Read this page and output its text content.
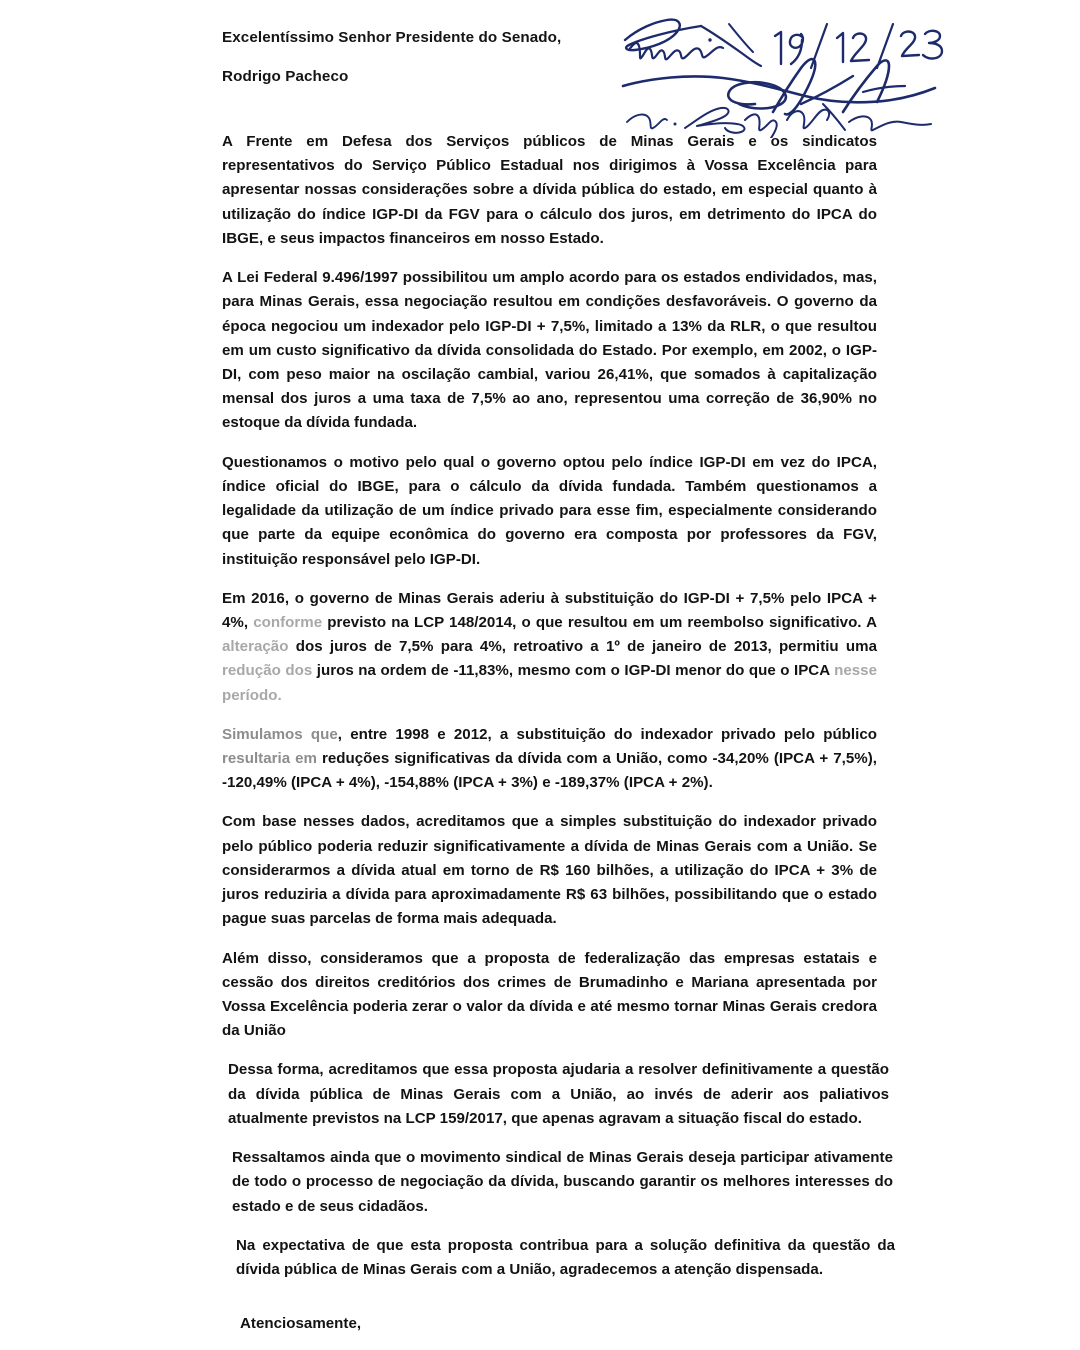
Excelentíssimo Senhor Presidente do Senado,

Rodrigo Pacheco

A Frente em Defesa dos Serviços públicos de Minas Gerais e os sindicatos representativos do Serviço Público Estadual nos dirigimos à Vossa Excelência para apresentar nossas considerações sobre a dívida pública do estado, em especial quanto à utilização do índice IGP-DI da FGV para o cálculo dos juros, em detrimento do IPCA do IBGE, e seus impactos financeiros em nosso Estado.

A Lei Federal 9.496/1997 possibilitou um amplo acordo para os estados endividados, mas, para Minas Gerais, essa negociação resultou em condições desfavoráveis. O governo da época negociou um indexador pelo IGP-DI + 7,5%, limitado a 13% da RLR, o que resultou em um custo significativo da dívida consolidada do Estado. Por exemplo, em 2002, o IGP-DI, com peso maior na oscilação cambial, variou 26,41%, que somados à capitalização mensal dos juros a uma taxa de 7,5% ao ano, representou uma correção de 36,90% no estoque da dívida fundada.

Questionamos o motivo pelo qual o governo optou pelo índice IGP-DI em vez do IPCA, índice oficial do IBGE, para o cálculo da dívida fundada. Também questionamos a legalidade da utilização de um índice privado para esse fim, especialmente considerando que parte da equipe econômica do governo era composta por professores da FGV, instituição responsável pelo IGP-DI.

Em 2016, o governo de Minas Gerais aderiu à substituição do IGP-DI + 7,5% pelo IPCA + 4%, conforme previsto na LCP 148/2014, o que resultou em um reembolso significativo. A alteração dos juros de 7,5% para 4%, retroativo a 1º de janeiro de 2013, permitiu uma redução dos juros na ordem de -11,83%, mesmo com o IGP-DI menor do que o IPCA nesse período.

Simulamos que, entre 1998 e 2012, a substituição do indexador privado pelo público resultaria em reduções significativas da dívida com a União, como -34,20% (IPCA + 7,5%), -120,49% (IPCA + 4%), -154,88% (IPCA + 3%) e -189,37% (IPCA + 2%).

Com base nesses dados, acreditamos que a simples substituição do indexador privado pelo público poderia reduzir significativamente a dívida de Minas Gerais com a União. Se considerarmos a dívida atual em torno de R$ 160 bilhões, a utilização do IPCA + 3% de juros reduziria a dívida para aproximadamente R$ 63 bilhões, possibilitando que o estado pague suas parcelas de forma mais adequada.

Além disso, consideramos que a proposta de federalização das empresas estatais e cessão dos direitos creditórios dos crimes de Brumadinho e Mariana apresentada por Vossa Excelência poderia zerar o valor da dívida e até mesmo tornar Minas Gerais credora da União

Dessa forma, acreditamos que essa proposta ajudaria a resolver definitivamente a questão da dívida pública de Minas Gerais com a União, ao invés de aderir aos paliativos atualmente previstos na LCP 159/2017, que apenas agravam a situação fiscal do estado.

Ressaltamos ainda que o movimento sindical de Minas Gerais deseja participar ativamente de todo o processo de negociação da dívida, buscando garantir os melhores interesses do estado e de seus cidadãos.

Na expectativa de que esta proposta contribua para a solução definitiva da questão da dívida pública de Minas Gerais com a União, agradecemos a atenção dispensada.

Atenciosamente,
